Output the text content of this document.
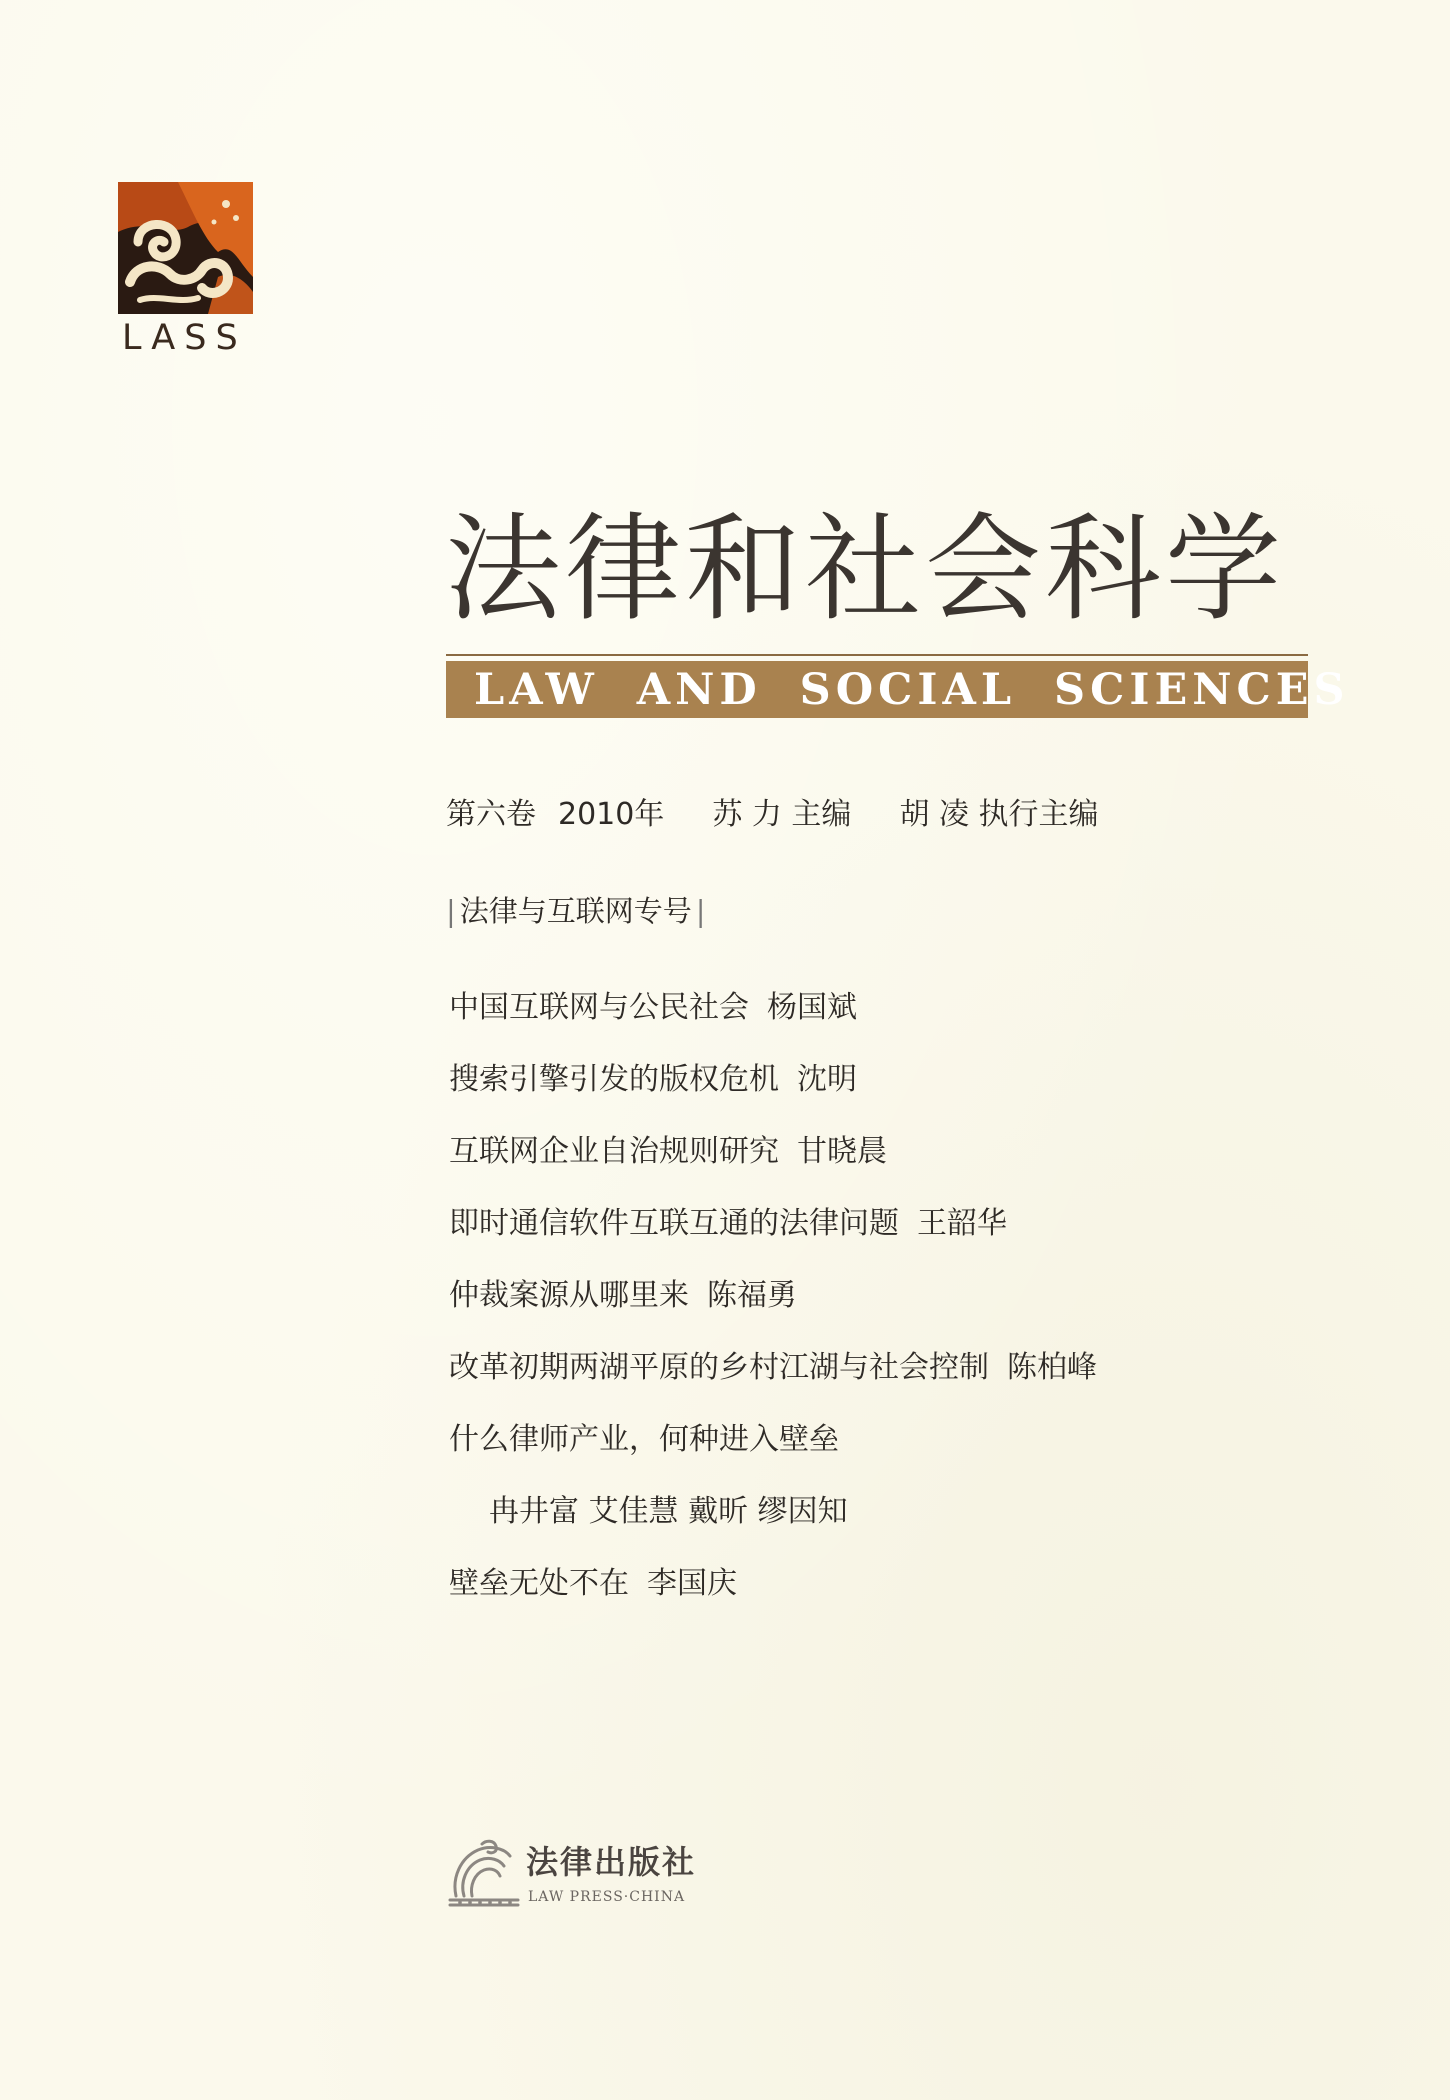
LASS
法律和社会科学
LAW AND SOCIAL SCIENCES
第六卷 2010年 苏 力 主编 胡 凌 执行主编
| 法律与互联网专号 |
中国互联网与公民社会 杨国斌
搜索引擎引发的版权危机 沈明
互联网企业自治规则研究 甘晓晨
即时通信软件互联互通的法律问题 王韶华
仲裁案源从哪里来 陈福勇
改革初期两湖平原的乡村江湖与社会控制 陈柏峰
什么律师产业，何种进入壁垒
冉井富 艾佳慧 戴昕 缪因知
壁垒无处不在 李国庆
法律出版社
LAW PRESS·CHINA
